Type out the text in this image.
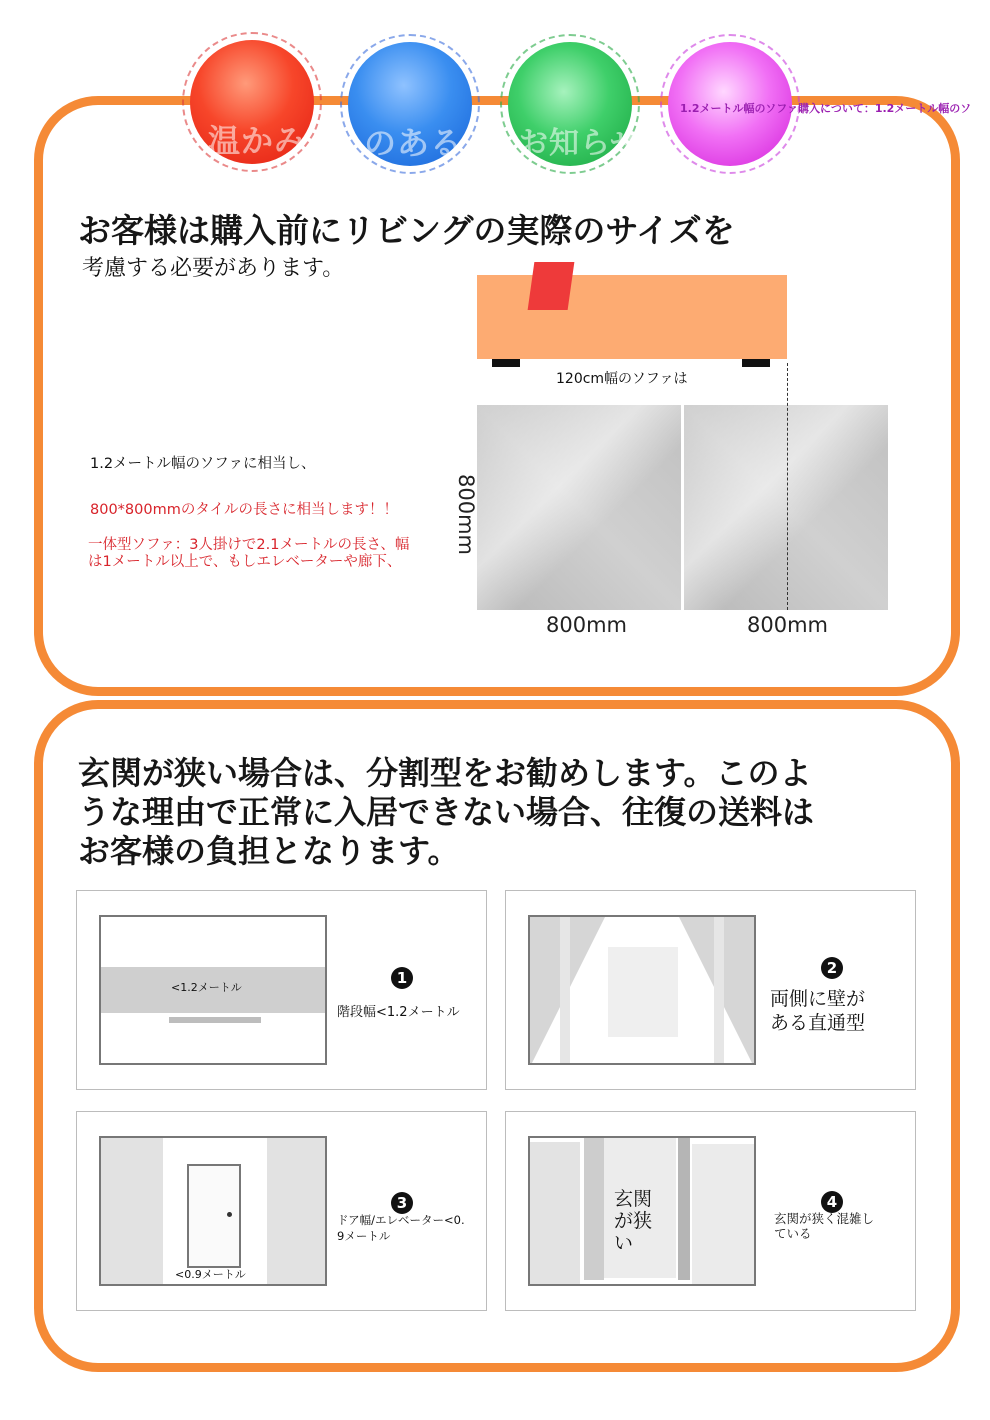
温かみ のある お知らせ
1.2メートル幅のソファ購入について：1.2メートル幅のソ
お客様は購入前にリビングの実際のサイズを
考慮する必要があります。
120cm幅のソファは
1.2メートル幅のソファに相当し、
800*800mmのタイルの長さに相当します！！
一体型ソファ：3人掛けで2.1メートルの長さ、幅
は1メートル以上で、もしエレベーターや廊下、
800mm
800mm	800mm
玄関が狭い場合は、分割型をお勧めします。このよ
うな理由で正常に入居できない場合、往復の送料は
お客様の負担となります。
<1.2メートル
1
階段幅<1.2メートル
2
両側に壁が
ある直通型
<0.9メートル
3
ドア幅/エレベーター<0.
9メートル
玄関
が狭
い
4
玄関が狭く混雑し
ている
